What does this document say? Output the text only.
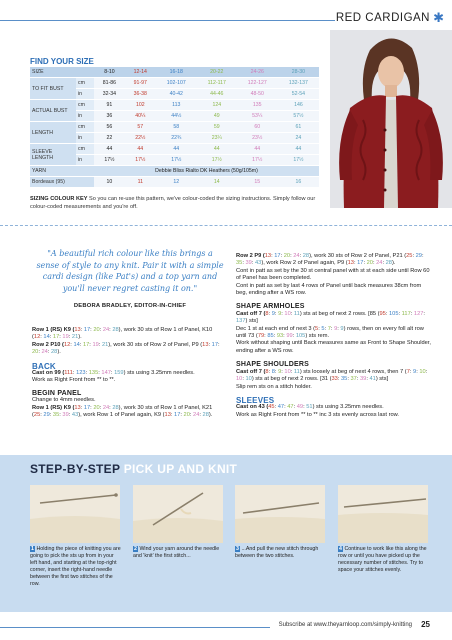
RED CARDIGAN ✱
FIND YOUR SIZE
SIZE		8-10	12-14	16-18	20-22	24-26	28-30
TO FIT BUST	cm	81-86	91-97	102-107	112-117	122-127	132-137
	in	32-34	36-38	40-42	44-46	48-50	52-54
ACTUAL BUST	cm	91	102	113	124	135	146
	in	36	40¼	44½	49	53¼	57½
LENGTH	cm	56	57	58	59	60	61
	in	22	22½	22¾	23¼	23½	24
SLEEVE LENGTH	cm	44	44	44	44	44	44
	in	17½	17½	17½	17½	17½	17½
YARN		Debbie Bliss Rialto DK Heathers (50g/105m)					
Bordeaux (95)		10	11	12	14	15	16
SIZING COLOUR KEY So you can re-use this pattern, we've colour-coded the sizing instructions. Simply follow our colour-coded measurements and you're off.
"A beautiful rich colour like this brings a sense of style to any knit. Pair it with a simple cardi design (like Pat's) and a top yarn and you'll never regret casting it on."
DEBORA BRADLEY, EDITOR-IN-CHIEF
Row 1 (RS) K9 (13: 17: 20: 24: 28), work 30 sts of Row 1 of Panel, K10 (12: 14: 17: 19: 21).
Row 2 P10 (12: 14: 17: 19: 21), work 30 sts of Row 2 of Panel, P9 (13: 17: 20: 24: 28).
BACK
Cast on 99 (111: 123: 135: 147: 159) sts using 3.25mm needles.
Work as Right Front from ** to **.
BEGIN PANEL
Change to 4mm needles.
Row 1 (RS) K9 (13: 17: 20: 24: 28), work 30 sts of Row 1 of Panel, K21 (25: 29: 35: 39: 43), work Row 1 of Panel again, K9 (13: 17: 20: 24: 28).
Row 2 P9 (13: 17: 20: 24: 28), work 30 sts of Row 2 of Panel, P21 (25: 29: 35: 39: 43), work Row 2 of Panel again, P9 (13: 17: 20: 24: 28).
Cont in patt as set by the 30 st central panel with st st each side until Row 60 of Panel has been completed.
Cont in patt as set by last 4 rows of Panel until back measures 38cm from beg, ending after a WS row.
SHAPE ARMHOLES
Cast off 7 (8: 9: 9: 10: 11) sts at beg of next 2 rows. [85 (95: 105: 117: 127: 137) sts]
Dec 1 st at each end of next 3 (5: 5: 7: 9: 9) rows, then on every foll alt row until 73 (79: 85: 93: 99: 105) sts rem.
Work without shaping until Back measures same as Front to Shape Shoulder, ending after a WS row.
SHAPE SHOULDERS
Cast off 7 (8: 8: 9: 10: 11) sts loosely at beg of next 4 rows, then 7 (7: 9: 10: 10: 10) sts at beg of next 2 rows. [31 (33: 35: 37: 39: 41) sts]
Slip rem sts on a stitch holder.
SLEEVES
Cast on 43 (45: 47: 47: 49: 51) sts using 3.25mm needles.
Work as Right Front from ** to ** inc 3 sts evenly across last row.
STEP-BY-STEP PICK UP AND KNIT
1 Holding the piece of knitting you are going to pick the sts up from in your left hand, and starting at the top-right corner, insert the right-hand needle between the first two stitches of the row.
2 Wind your yarn around the needle and 'knit' the first stitch...
3 ...And pull the new stitch through between the two stitches.
4 Continue to work like this along the row or until you have picked up the necessary number of stitches. Try to space your stitches evenly.
Subscribe at www.theyarnloop.com/simply-knitting 25
